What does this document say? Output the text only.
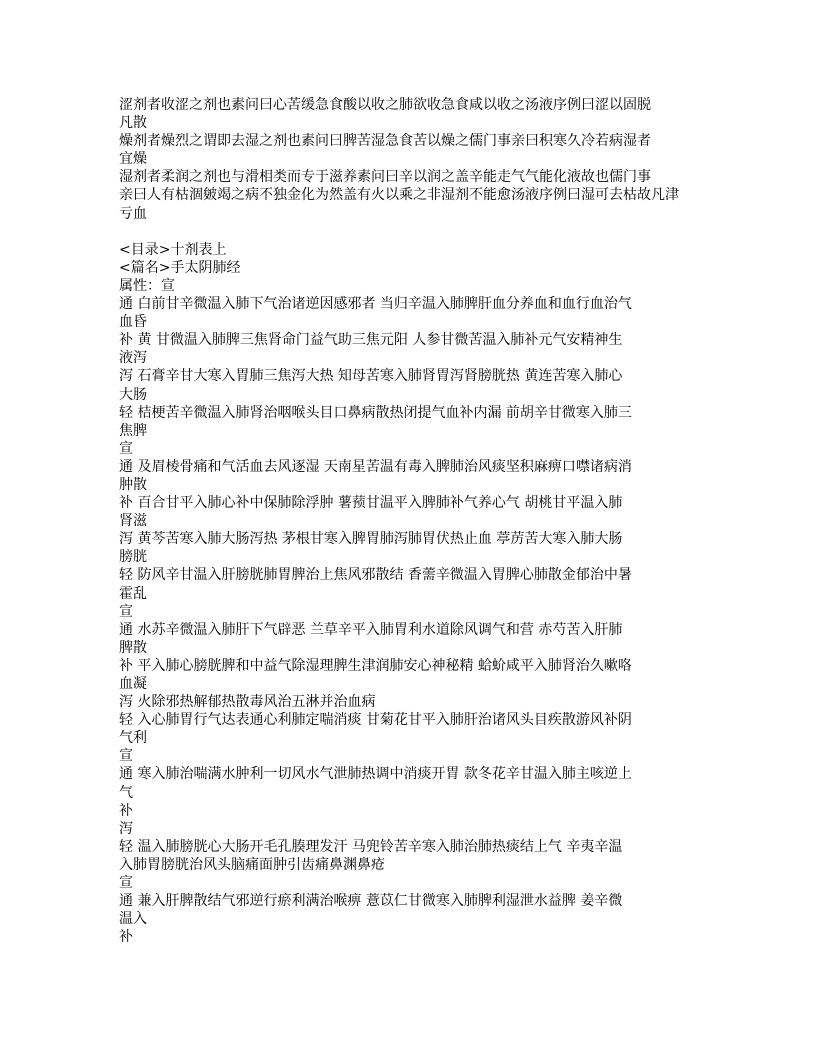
涩剂者收涩之剂也素问曰心苦缓急食酸以收之肺欲收急食咸以收之汤液序例曰涩以固脱
凡散
燥剂者燥烈之谓即去湿之剂也素问曰脾苦湿急食苦以燥之儒门事亲曰积寒久冷若病湿者
宜燥
湿剂者柔润之剂也与滑相类而专于滋养素问曰辛以润之盖辛能走气气能化液故也儒门事
亲曰人有枯涸皴竭之病不独金化为然盖有火以乘之非湿剂不能愈汤液序例曰湿可去枯故凡津
亏血
<目录>十剂表上
<篇名>手太阴肺经
属性：宣
通 白前甘辛微温入肺下气治诸逆因感邪者 当归辛温入肺脾肝血分养血和血行血治气
血昏
补 黄 甘微温入肺脾三焦肾命门益气助三焦元阳 人参甘微苦温入肺补元气安精神生
液泻
泻 石膏辛甘大寒入胃肺三焦泻大热 知母苦寒入肺肾胃泻肾膀胱热 黄连苦寒入肺心
大肠
轻 桔梗苦辛微温入肺肾治咽喉头目口鼻病散热闭提气血补内漏 前胡辛甘微寒入肺三
焦脾
宣
通 及眉棱骨痛和气活血去风逐湿 天南星苦温有毒入脾肺治风痰坚积麻痹口噤诸病消
肿散
补 百合甘平入肺心补中保肺除浮肿 薯蓣甘温平入脾肺补气养心气 胡桃甘平温入肺
肾滋
泻 黄芩苦寒入肺大肠泻热 茅根甘寒入脾胃肺泻肺胃伏热止血 葶苈苦大寒入肺大肠
膀胱
轻 防风辛甘温入肝膀胱肺胃脾治上焦风邪散结 香薷辛微温入胃脾心肺散金郁治中暑
霍乱
宣
通 水苏辛微温入肺肝下气辟恶 兰草辛平入肺胃利水道除风调气和营 赤芍苦入肝肺
脾散
补 平入肺心膀胱脾和中益气除湿理脾生津润肺安心神秘精 蛤蚧咸平入肺肾治久嗽咯
血凝
泻 火除邪热解郁热散毒风治五淋并治血病
轻 入心肺胃行气达表通心利肺定喘消痰 甘菊花甘平入肺肝治诸风头目疾散游风补阴
气利
宣
通 寒入肺治喘满水肿利一切风水气泄肺热调中消痰开胃 款冬花辛甘温入肺主咳逆上
气
补
泻
轻 温入肺膀胱心大肠开毛孔腠理发汗 马兜铃苦辛寒入肺治肺热痰结上气 辛夷辛温
入肺胃膀胱治风头脑痛面肿引齿痛鼻渊鼻疮
宣
通 兼入肝脾散结气邪逆行瘀利满治喉痹 薏苡仁甘微寒入肺脾利湿泄水益脾 姜辛微
温入
补
